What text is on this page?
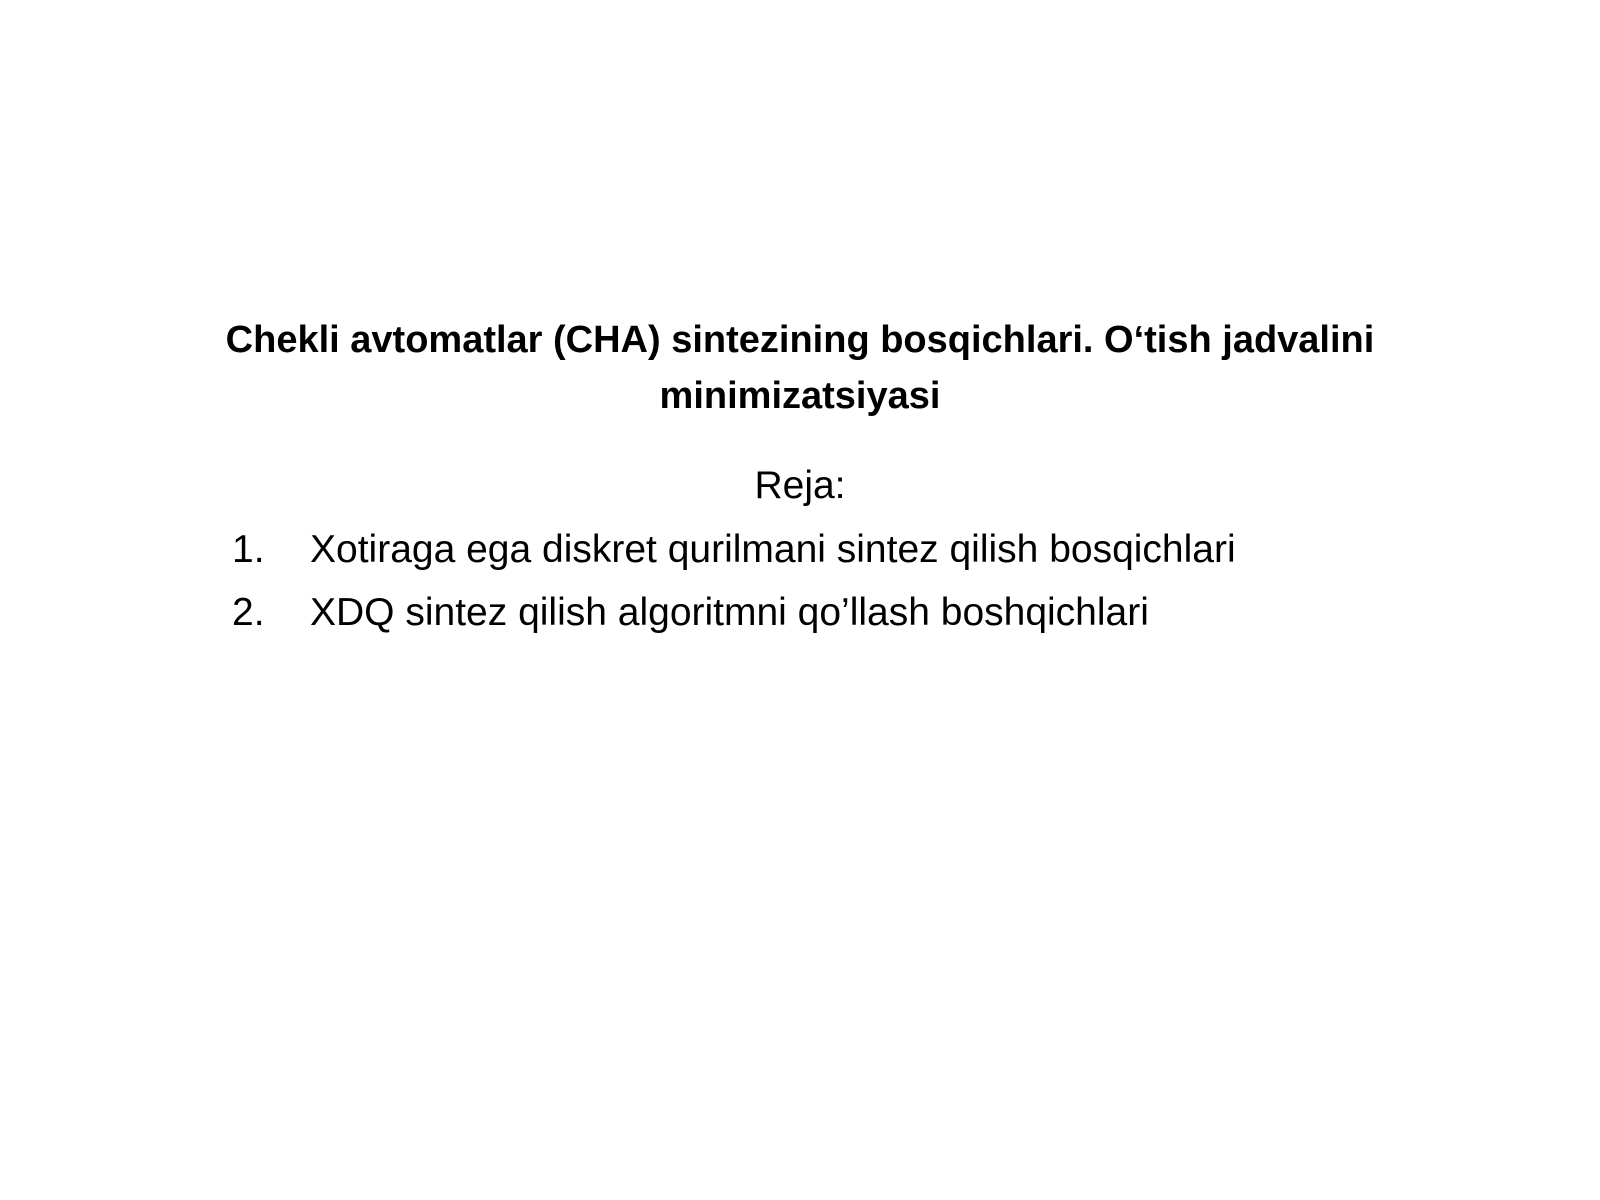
Chekli avtomatlar (CHA) sintezining bosqichlari. O‘tish jadvalini
minimizatsiyasi

Reja:

1.	Xotiraga ega diskret qurilmani sintez qilish bosqichlari
2.	XDQ sintez qilish algoritmni qo’llash boshqichlari
